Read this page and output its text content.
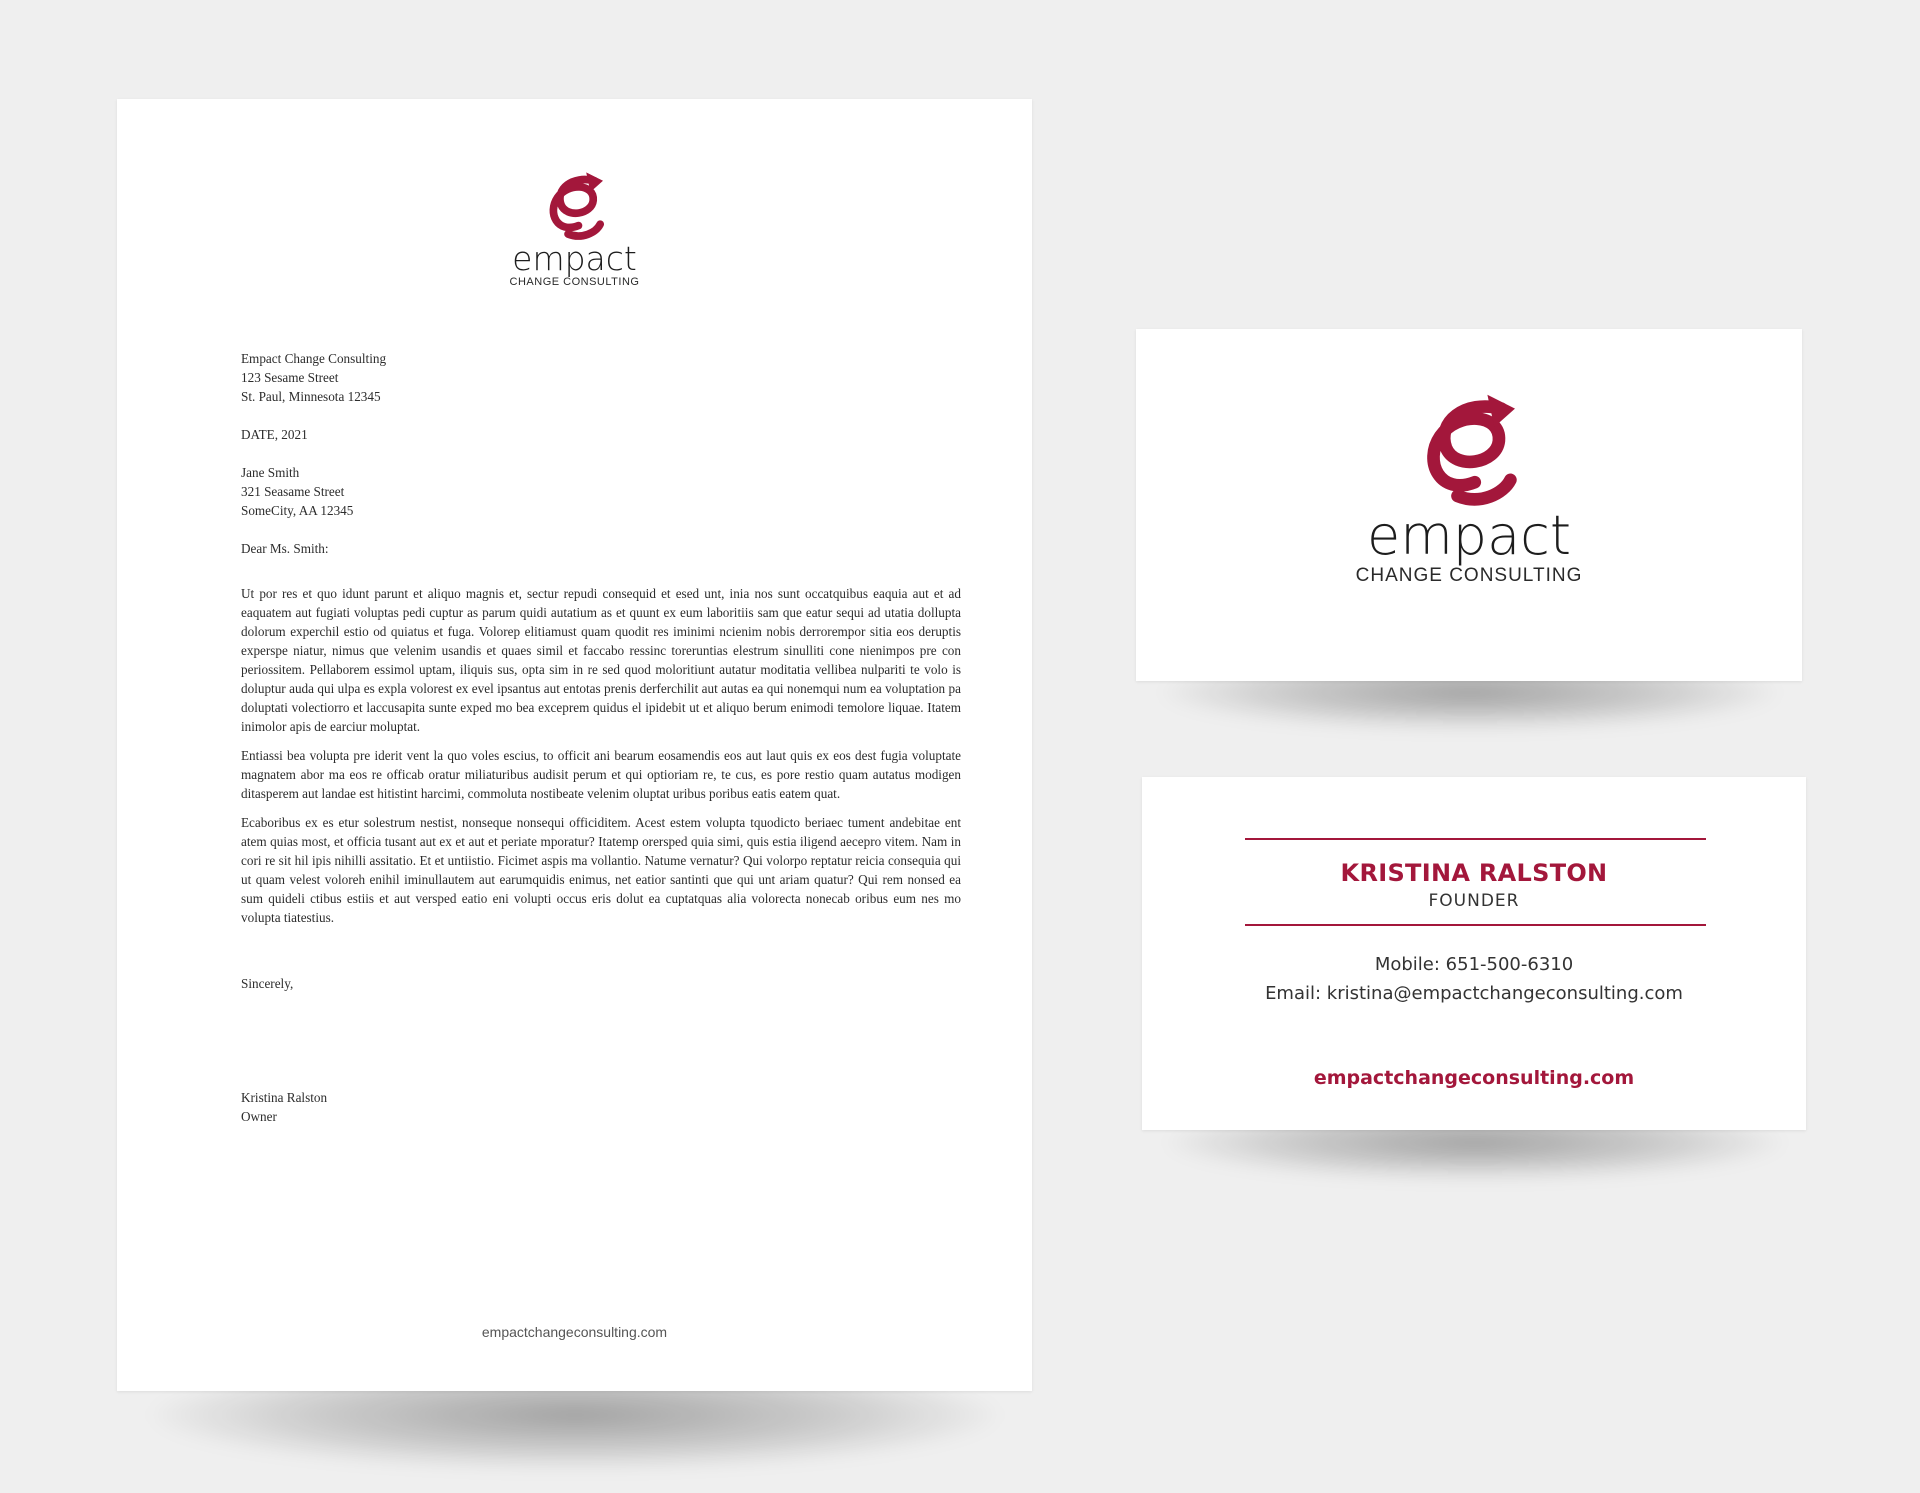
empact
CHANGE CONSULTING
Empact Change Consulting
123 Sesame Street
St. Paul, Minnesota 12345
DATE, 2021
Jane Smith
321 Seasame Street
SomeCity, AA 12345
Dear Ms. Smith:

Ut por res et quo idunt parunt et aliquo magnis et, sectur repudi consequid et esed unt, inia nos sunt occatquibus eaquia aut et ad eaquatem aut fugiati voluptas pedi cuptur as parum quidi autatium as et quunt ex eum laboritiis sam que eatur sequi ad utatia dollupta dolorum experchil estio od quiatus et fuga. Volorep elitiamust quam quodit res iminimi ncienim nobis derrorempor sitia eos deruptis experspe niatur, nimus que velenim usandis et quaes simil et faccabo ressinc toreruntias elestrum sinulliti cone nienimpos pre con periossitem. Pellaborem essimol uptam, iliquis sus, opta sim in re sed quod moloritiunt autatur moditatia vellibea nulpariti te volo is doluptur auda qui ulpa es expla volorest ex evel ipsantus aut entotas prenis derferchilit aut autas ea qui nonemqui num ea voluptation pa doluptati volectiorro et laccusapita sunte exped mo bea exceprem quidus el ipidebit ut et aliquo berum enimodi temolore liquae. Itatem inimolor apis de earciur moluptat.

Entiassi bea volupta pre iderit vent la quo voles escius, to officit ani bearum eosamendis eos aut laut quis ex eos dest fugia voluptate magnatem abor ma eos re officab oratur miliaturibus audisit perum et qui optioriam re, te cus, es pore restio quam autatus modigen ditasperem aut landae est hitistint harcimi, commoluta nostibeate velenim oluptat uribus poribus eatis eatem quat.

Ecaboribus ex es etur solestrum nestist, nonseque nonsequi officiditem. Acest estem volupta tquodicto beriaec tument andebitae ent atem quias most, et officia tusant aut ex et aut et periate mporatur? Itatemp orersped quia simi, quis estia iligend aecepro vitem. Nam in cori re sit hil ipis nihilli assitatio. Et et untiistio. Ficimet aspis ma vollantio. Natume vernatur? Qui volorpo reptatur reicia consequia qui ut quam velest voloreh enihil iminullautem aut earumquidis enimus, net eatior santinti que qui unt ariam quatur? Qui rem nonsed ea sum quideli ctibus estiis et aut versped eatio eni volupti occus eris dolut ea cuptatquas alia volorecta nonecab oribus eum nes mo volupta tiatestius.

Sincerely,
Kristina Ralston
Owner
empactchangeconsulting.com
empact
CHANGE CONSULTING
KRISTINA RALSTON
FOUNDER
Mobile: 651-500-6310
Email: kristina@empactchangeconsulting.com
empactchangeconsulting.com
